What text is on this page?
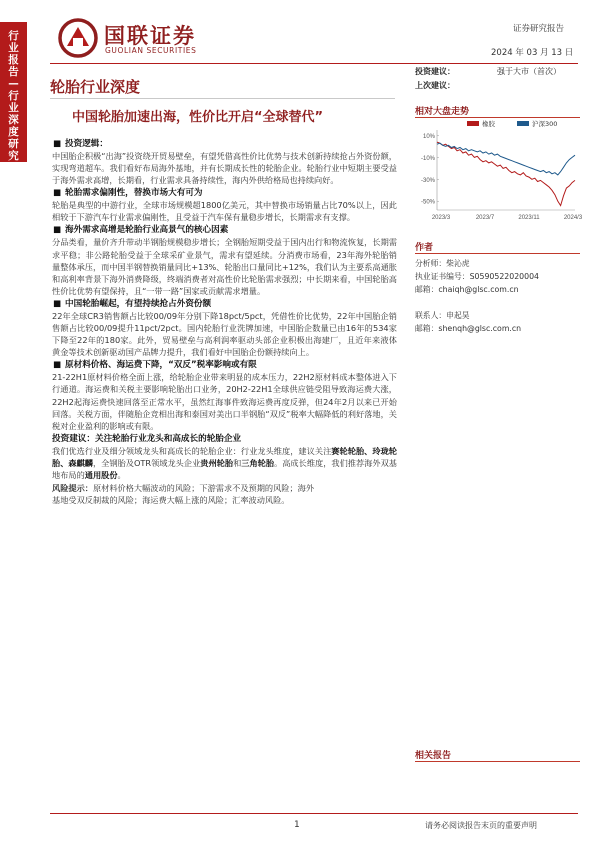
行业报告—行业深度研究
国联证券
GUOLIAN SECURITIES
证券研究报告
2024 年 03 月 13 日
轮胎行业深度
中国轮胎加速出海，性价比开启“全球替代”
投资建议：	强于大市（首次）
上次建议：
相对大盘走势
10%
-10%
-30%
-50%
2023/3	2023/7	2023/11	2024/3
橡胶	沪深300
作者
分析师：柴沁虎
执业证书编号：S0590522020004
邮箱：chaiqh@glsc.com.cn
联系人：申起昊
邮箱：shenqh@glsc.com.cn
相关报告
■ 投资逻辑：

中国胎企积极“出海”投资绕开贸易壁垒，有望凭借高性价比优势与技术创新持续抢占外资份额，实现弯道超车。我们看好布局海外基地，并有长期成长性的轮胎企业。轮胎行业中短期主要受益于海外需求高增，长期看，行业需求具备持续性，海内外供给格局也持续向好。

■ 轮胎需求偏刚性，替换市场大有可为

轮胎是典型的中游行业，全球市场规模超1800亿美元，其中替换市场销量占比70%以上，因此相较于下游汽车行业需求偏刚性，且受益于汽车保有量稳步增长，长期需求有支撑。

■ 海外需求高增是轮胎行业高景气的核心因素

分品类看，量价齐升带动半钢胎规模稳步增长；全钢胎短期受益于国内出行和物流恢复，长期需求平稳；非公路轮胎受益于全球采矿业景气，需求有望延续。分消费市场看，23年海外轮胎销量整体承压，而中国半钢替换销量同比+13%、轮胎出口量同比+12%，我们认为主要系高通胀和高利率背景下海外消费降级，终端消费者对高性价比轮胎需求强烈；中长期来看，中国轮胎高性价比优势有望保持，且“一带一路”国家或贡献需求增量。

■ 中国轮胎崛起，有望持续抢占外资份额

22年全球CR3销售额占比较00/09年分别下降18pct/5pct，凭借性价比优势，22年中国胎企销售额占比较00/09提升11pct/2pct。国内轮胎行业洗牌加速，中国胎企数量已由16年的534家下降至22年的180家。此外，贸易壁垒与高利润率驱动头部企业积极出海建厂，且近年来液体黄金等技术创新驱动国产品牌力提升，我们看好中国胎企份额持续向上。

■ 原材料价格、海运费下降，“双反”税率影响或有限

21-22H1原材料价格全面上涨，给轮胎企业带来明显的成本压力，22H2原材料成本整体进入下行通道。海运费和关税主要影响轮胎出口业务，20H2-22H1全球供应链受阻导致海运费大涨，22H2起海运费快速回落至正常水平，虽然红海事件致海运费再度反弹，但24年2月以来已开始回落。关税方面，伴随胎企竞相出海和泰国对美出口半钢胎“双反”税率大幅降低的利好落地，关税对企业盈利的影响或有限。

投资建议：关注轮胎行业龙头和高成长的轮胎企业

我们优选行业及细分领域龙头和高成长的轮胎企业：行业龙头维度，建议关注赛轮轮胎、玲珑轮胎、森麒麟，全钢胎及OTR领域龙头企业贵州轮胎和三角轮胎。高成长维度，我们推荐海外双基地布局的通用股份。

风险提示：原材料价格大幅波动的风险；下游需求不及预期的风险；海外

基地受双反制裁的风险；海运费大幅上涨的风险；汇率波动风险。

1	请务必阅读报告末页的重要声明
